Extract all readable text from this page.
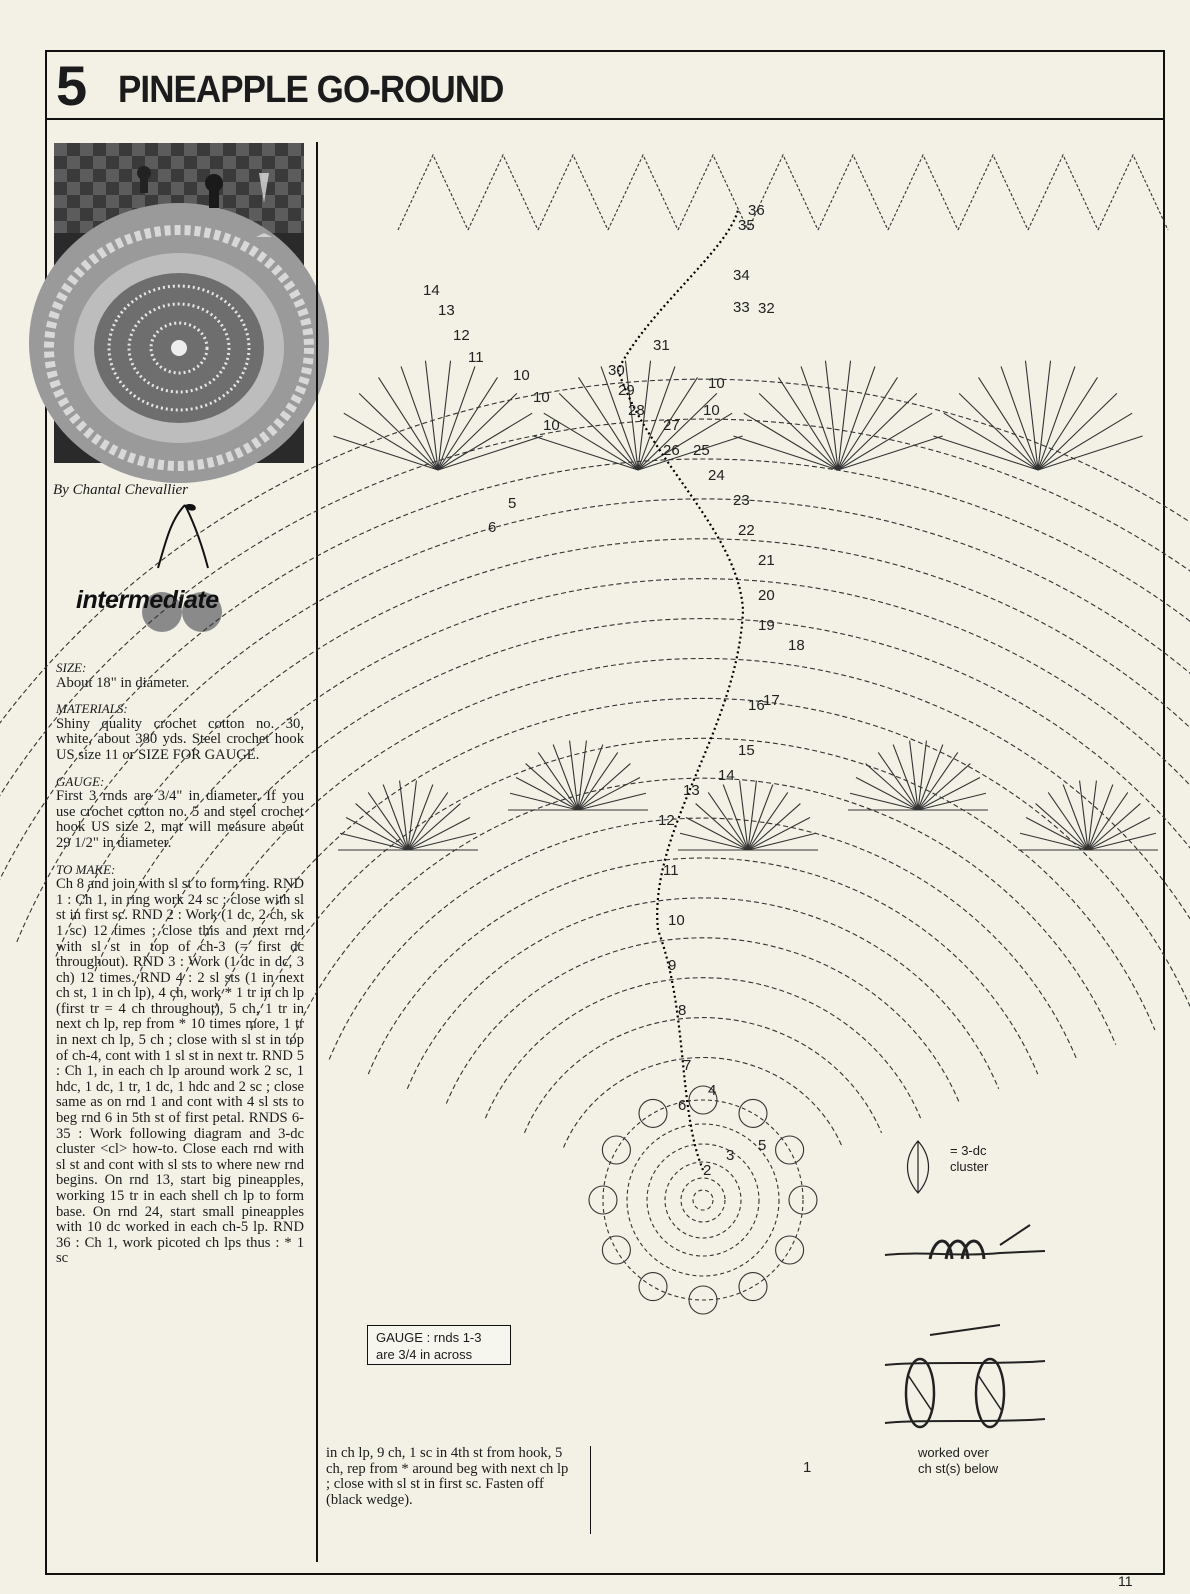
5 PINEAPPLE GO-ROUND
By Chantal Chevallier
intermediate
SIZE:

About 18" in diameter.

MATERIALS:

Shiny quality crochet cotton no. 30, white, about 380 yds. Steel crochet hook US size 11 or SIZE FOR GAUGE.

GAUGE:

First 3 rnds are 3/4" in diameter. If you use crochet cotton no. 5 and steel crochet hook US size 2, mat will measure about 29 1/2" in diameter.

TO MAKE:

Ch 8 and join with sl st to form ring. RND 1 : Ch 1, in ring work 24 sc ; close with sl st in first sc. RND 2 : Work (1 dc, 2 ch, sk 1 sc) 12 times ; close this and next rnd with sl st in top of ch-3 (= first dc throughout). RND 3 : Work (1 dc in dc, 3 ch) 12 times. RND 4 : 2 sl sts (1 in next ch st, 1 in ch lp), 4 ch, work * 1 tr in ch lp (first tr = 4 ch throughout), 5 ch, 1 tr in next ch lp, rep from * 10 times more, 1 tr in next ch lp, 5 ch ; close with sl st in top of ch-4, cont with 1 sl st in next tr. RND 5 : Ch 1, in each ch lp around work 2 sc, 1 hdc, 1 dc, 1 tr, 1 dc, 1 hdc and 2 sc ; close same as on rnd 1 and cont with 4 sl sts to beg rnd 6 in 5th st of first petal. RNDS 6-35 : Work following diagram and 3-dc cluster <cl> how-to. Close each rnd with sl st and cont with sl sts to where new rnd begins. On rnd 13, start big pineapples, working 15 tr in each shell ch lp to form base. On rnd 24, start small pineapples with 10 dc worked in each ch-5 lp. RND 36 : Ch 1, work picoted ch lps thus : * 1 sc

in ch lp, 9 ch, 1 sc in 4th st from hook, 5 ch, rep from * around beg with next ch lp ; close with sl st in first sc. Fasten off (black wedge).
1
2
3
4
5
6
7
8
9
10
11
12
13
14
15
16
17
18
19
20
21
22
23
24
25
26
27
28
29
30
31
32
33
34
35
36
10
10
10
10
10
11
12
13
14
5
6
GAUGE : rnds 1-3
are 3/4 in across
= 3-dc
cluster
worked over
ch st(s) below
11
